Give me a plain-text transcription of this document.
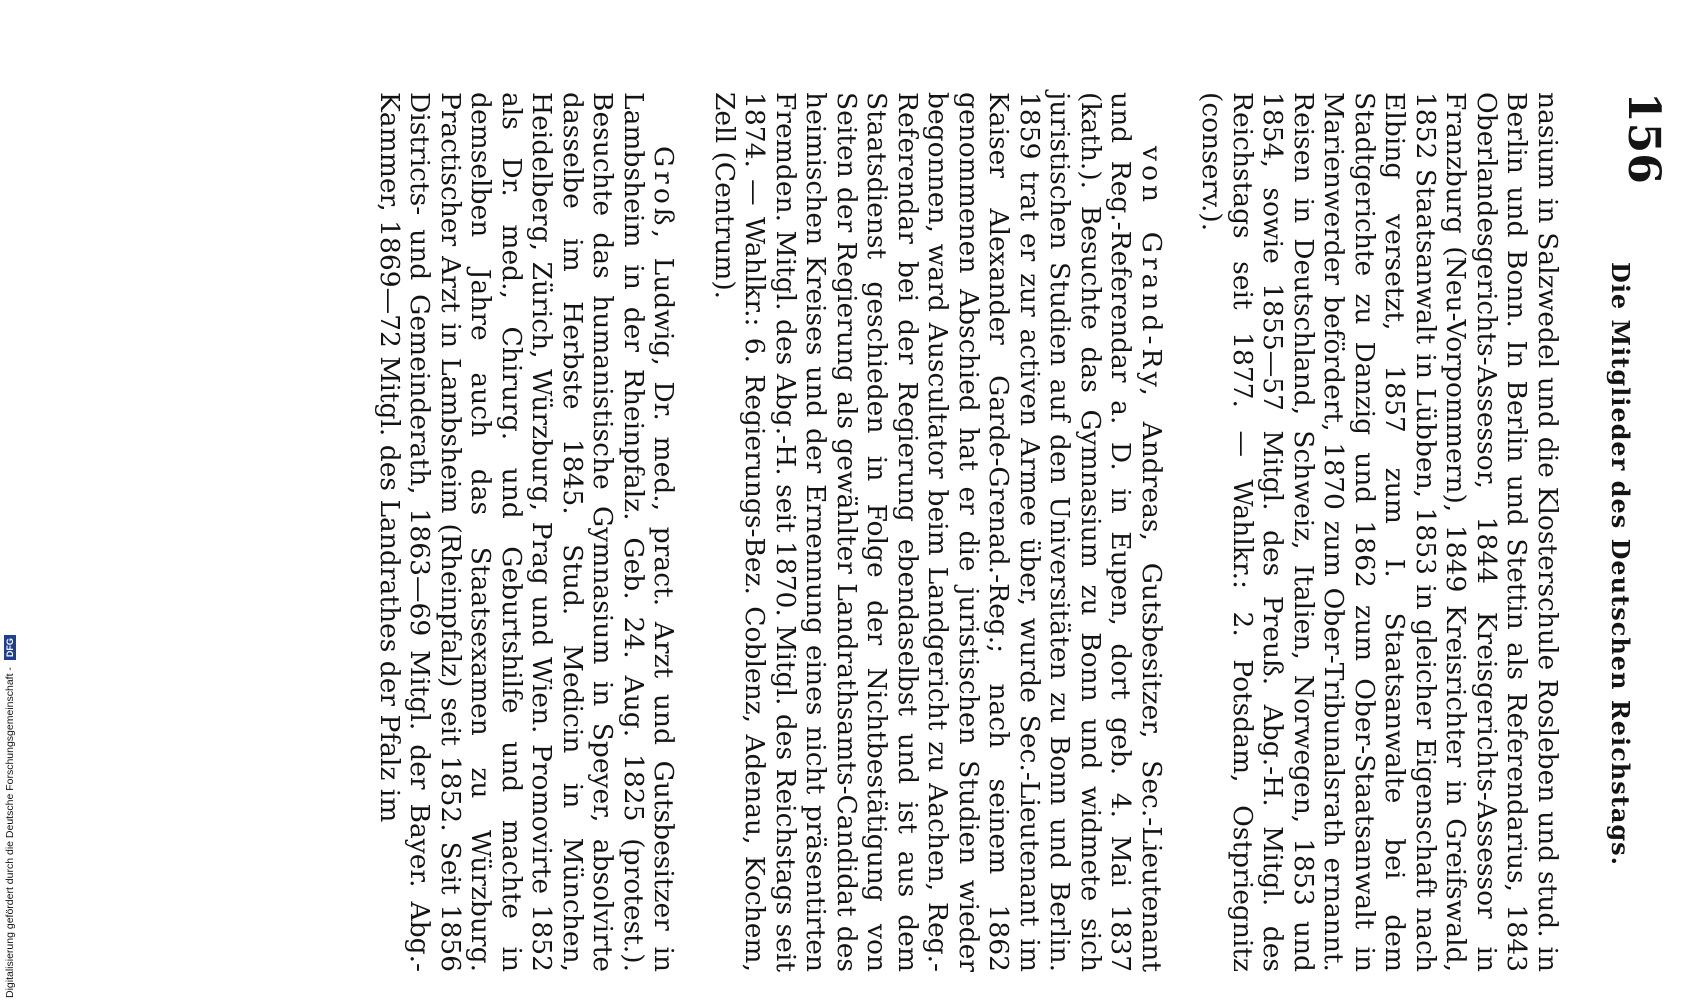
156
Die Mitglieder des Deutschen Reichstags.

nasium in Salzwedel und die Klosterschule Rosleben und stud. in Berlin und Bonn. In Berlin und Stettin als Referendarius, 1843 Oberlandesgerichts-Assessor, 1844 Kreisgerichts-Assessor in Franzburg (Neu-Vorpommern), 1849 Kreisrichter in Greifswald, 1852 Staatsanwalt in Lübben, 1853 in gleicher Eigenschaft nach Elbing versetzt, 1857 zum I. Staatsanwalte bei dem Stadtgerichte zu Danzig und 1862 zum Ober-Staatsanwalt in Marienwerder befördert, 1870 zum Ober-Tribunalsrath ernannt. Reisen in Deutschland, Schweiz, Italien, Norwegen, 1853 und 1854, sowie 1855—57 Mitgl. des Preuß. Abg.-H. Mitgl. des Reichstags seit 1877. — Wahlkr.: 2. Potsdam, Ostpriegnitz (conserv.).

von Grand-Ry, Andreas, Gutsbesitzer, Sec.-Lieutenant und Reg.-Referendar a. D. in Eupen, dort geb. 4. Mai 1837 (kath.). Besuchte das Gymnasium zu Bonn und widmete sich juristischen Studien auf den Universitäten zu Bonn und Berlin. 1859 trat er zur activen Armee über, wurde Sec.-Lieutenant im Kaiser Alexander Garde-Grenad.-Reg.; nach seinem 1862 genommenen Abschied hat er die juristischen Studien wieder begonnen, ward Auscultator beim Landgericht zu Aachen, Reg.-Referendar bei der Regierung ebendaselbst und ist aus dem Staatsdienst geschieden in Folge der Nichtbestätigung von Seiten der Regierung als gewählter Landrathsamts-Candidat des heimischen Kreises und der Ernennung eines nicht präsentirten Fremden. Mitgl. des Abg.-H. seit 1870. Mitgl. des Reichstags seit 1874. — Wahlkr.: 6. Regierungs-Bez. Coblenz, Adenau, Kochem, Zell (Centrum).

Groß, Ludwig, Dr. med., pract. Arzt und Gutsbesitzer in Lambsheim in der Rheinpfalz. Geb. 24. Aug. 1825 (protest.). Besuchte das humanistische Gymnasium in Speyer, absolvirte dasselbe im Herbste 1845. Stud. Medicin in München, Heidelberg, Zürich, Würzburg, Prag und Wien. Promovirte 1852 als Dr. med., Chirurg. und Geburtshilfe und machte in demselben Jahre auch das Staatsexamen zu Würzburg. Practischer Arzt in Lambsheim (Rheinpfalz) seit 1852. Seit 1856 Districts- und Gemeinderath, 1863—69 Mitgl. der Bayer. Abg.-Kammer, 1869—72 Mitgl. des Landrathes der Pfalz im

Digitalisierung gefördert durch die Deutsche Forschungsgemeinschaft - DFG
